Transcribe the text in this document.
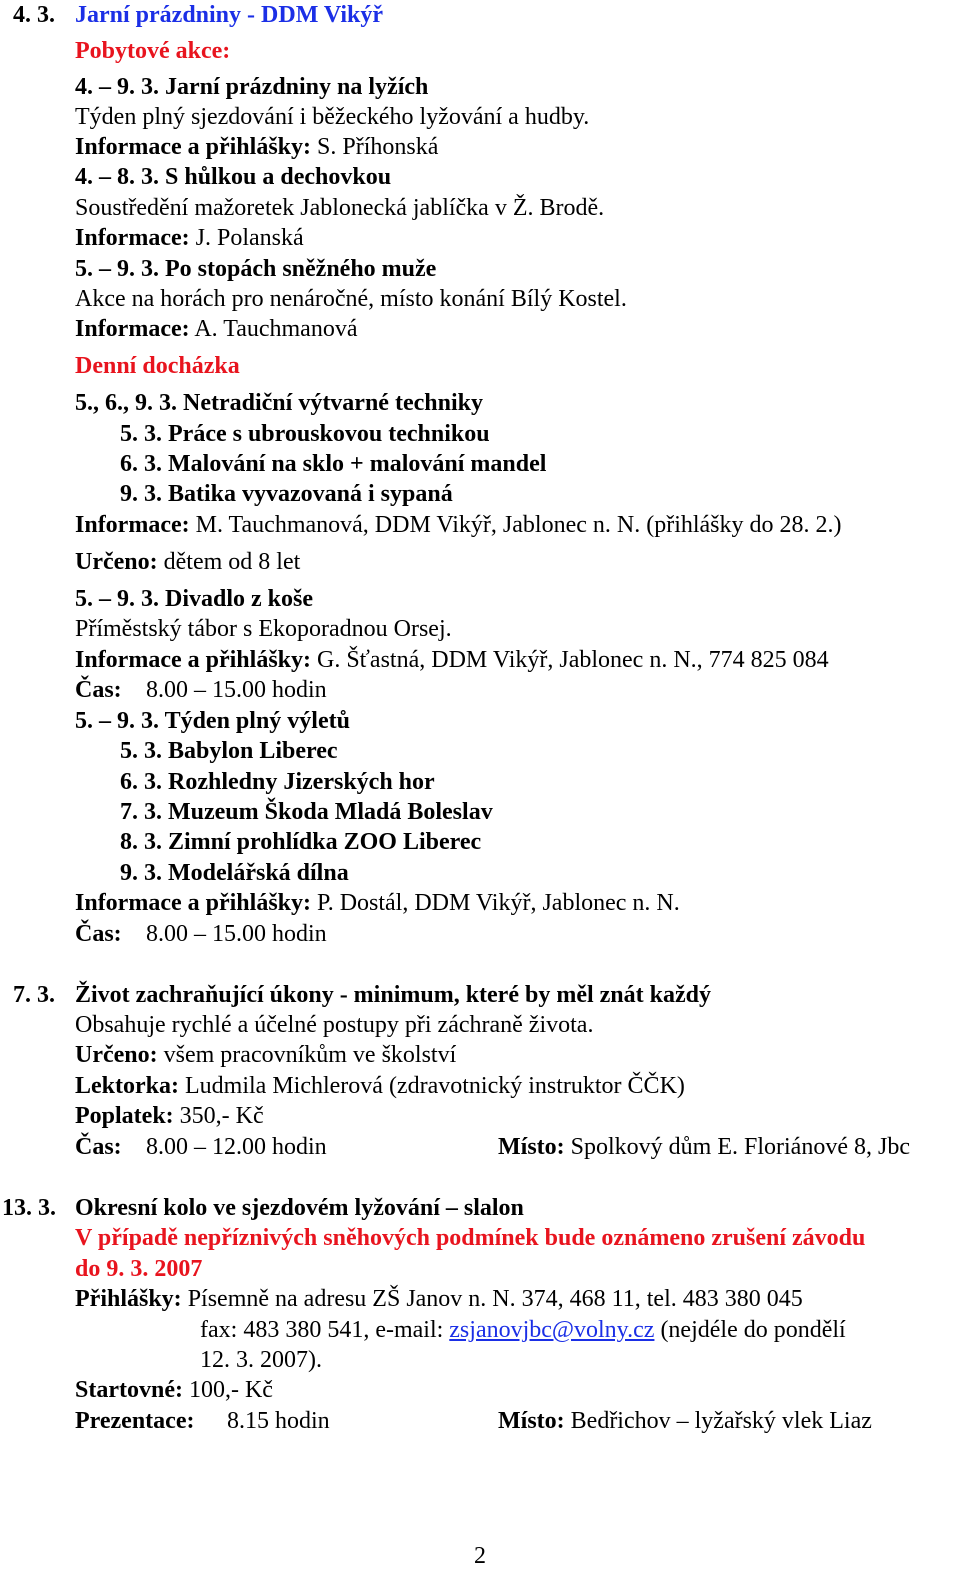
4. 3. Jarní prázdniny - DDM Vikýř
Pobytové akce:
4. – 9. 3. Jarní prázdniny na lyžích
Týden plný sjezdování i běžeckého lyžování a hudby.
Informace a přihlášky: S. Příhonská
4. – 8. 3. S hůlkou a dechovkou
Soustředění mažoretek Jablonecká jablíčka v Ž. Brodě.
Informace: J. Polanská
5. – 9. 3. Po stopách sněžného muže
Akce na horách pro nenáročné, místo konání Bílý Kostel.
Informace: A. Tauchmanová
Denní docházka
5., 6., 9. 3. Netradiční výtvarné techniky
5. 3. Práce s ubrouskovou technikou
6. 3. Malování na sklo + malování mandel
9. 3. Batika vyvazovaná i sypaná
Informace: M. Tauchmanová, DDM Vikýř, Jablonec n. N. (přihlášky do 28. 2.)
Určeno: dětem od 8 let
5. – 9. 3. Divadlo z koše
Příměstský tábor s Ekoporadnou Orsej.
Informace a přihlášky: G. Šťastná, DDM Vikýř, Jablonec n. N., 774 825 084
Čas: 8.00 – 15.00 hodin
5. – 9. 3. Týden plný výletů
5. 3. Babylon Liberec
6. 3. Rozhledny Jizerských hor
7. 3. Muzeum Škoda Mladá Boleslav
8. 3. Zimní prohlídka ZOO Liberec
9. 3. Modelářská dílna
Informace a přihlášky: P. Dostál, DDM Vikýř, Jablonec n. N.
Čas: 8.00 – 15.00 hodin
7. 3. Život zachraňující úkony - minimum, které by měl znát každý
Obsahuje rychlé a účelné postupy při záchraně života.
Určeno: všem pracovníkům ve školství
Lektorka: Ludmila Michlerová (zdravotnický instruktor ČČK)
Poplatek: 350,- Kč
Čas: 8.00 – 12.00 hodin	Místo: Spolkový dům E. Floriánové 8, Jbc
13. 3. Okresní kolo ve sjezdovém lyžování – slalon
V případě nepříznivých sněhových podmínek bude oznámeno zrušení závodu
do 9. 3. 2007
Přihlášky: Písemně na adresu ZŠ Janov n. N. 374, 468 11, tel. 483 380 045
fax: 483 380 541, e-mail: zsjanovjbc@volny.cz (nejdéle do pondělí
12. 3. 2007).
Startovné: 100,- Kč
Prezentace: 8.15 hodin	Místo: Bedřichov – lyžařský vlek Liaz
2
